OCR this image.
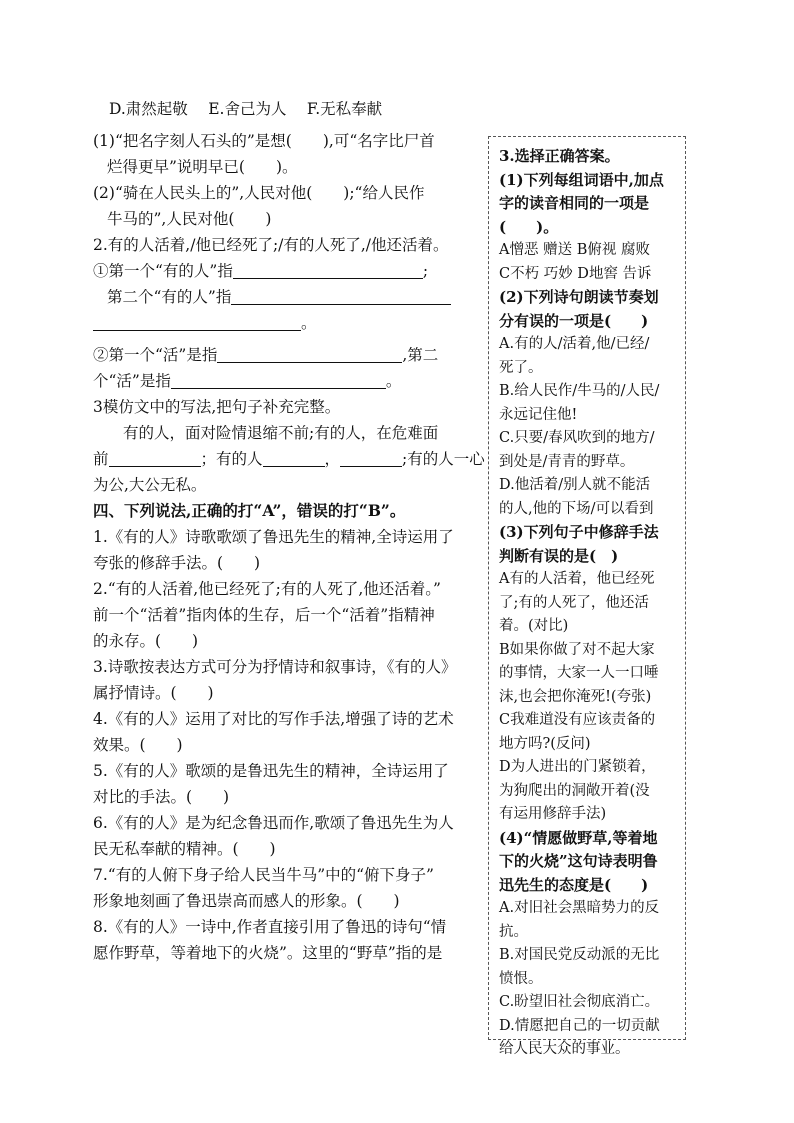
D.肃然起敬　 E.舍己为人　 F.无私奉献
(1)“把名字刻人石头的”是想(　　),可“名字比尸首
烂得更早”说明早已(　　)。
(2)“骑在人民头上的”,人民对他(　　);“给人民作
牛马的”,人民对他(　　)
2.有的人活着,/他已经死了;/有的人死了,/他还活着。
①第一个“有的人”指	;
第二个“有的人”指
。
②第一个“活”是指	,第二
个“活”是指	。
3模仿文中的写法,把句子补充完整。
有的人，面对险情退缩不前;有的人，在危难面
前	；有的人	，	;有的人一心
为公,大公无私。
四、下列说法,正确的打“A”，错误的打“B”。
1.《有的人》诗歌歌颂了鲁迅先生的精神,全诗运用了
夸张的修辞手法。(　　)
2.“有的人活着,他已经死了;有的人死了,他还活着。”
前一个“活着”指肉体的生存，后一个“活着”指精神
的永存。(　　)
3.诗歌按表达方式可分为抒情诗和叙事诗，《有的人》
属抒情诗。(　　)
4.《有的人》运用了对比的写作手法,增强了诗的艺术
效果。(　　)
5.《有的人》歌颂的是鲁迅先生的精神，全诗运用了
对比的手法。(　　)
6.《有的人》是为纪念鲁迅而作,歌颂了鲁迅先生为人
民无私奉献的精神。(　　)
7.“有的人俯下身子给人民当牛马”中的“俯下身子”
形象地刻画了鲁迅崇高而感人的形象。(　　)
8.《有的人》一诗中,作者直接引用了鲁迅的诗句“情
愿作野草，等着地下的火烧”。这里的“野草”指的是
3.选择正确答案。
(1)下列每组词语中,加点
字的读音相同的一项是
(　　)。
A憎恶 赠送 B俯视 腐败
C不朽 巧妙 D地窖 告诉
(2)下列诗句朗读节奏划
分有误的一项是(　　)
A.有的人/活着,他/已经/
死了。
B.给人民作/牛马的/人民/
永远记住他!
C.只要/春风吹到的地方/
到处是/青青的野草。
D.他活着/别人就不能活
的人,他的下场/可以看到
(3)下列句子中修辞手法
判断有误的是(　)
A有的人活着，他已经死
了;有的人死了，他还活
着。(对比)
B如果你做了对不起大家
的事情，大家一人一口唾
沫,也会把你淹死!(夸张)
C我难道没有应该责备的
地方吗?(反问)
D为人进出的门紧锁着，
为狗爬出的洞敞开着(没
有运用修辞手法)
(4)“情愿做野草,等着地
下的火烧”这句诗表明鲁
迅先生的态度是(　　)
A.对旧社会黑暗势力的反
抗。
B.对国民党反动派的无比
愤恨。
C.盼望旧社会彻底消亡。
D.情愿把自己的一切贡献
给人民大众的事业。
